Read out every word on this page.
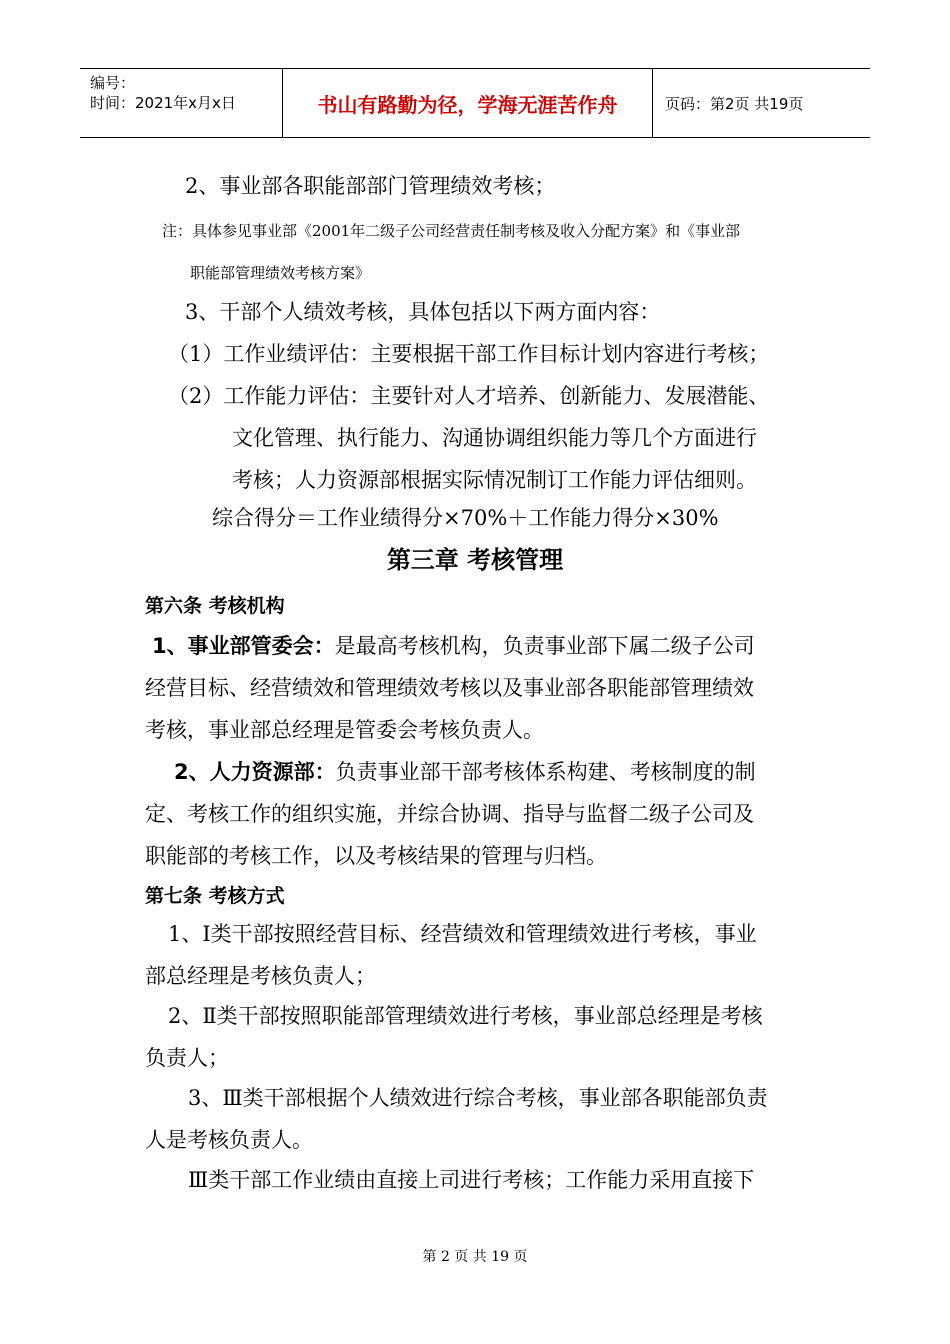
编号：
时间：2021年x月x日	书山有路勤为径，学海无涯苦作舟	页码：第2页 共19页
2、事业部各职能部部门管理绩效考核；
注：具体参见事业部《2001年二级子公司经营责任制考核及收入分配方案》和《事业部
职能部管理绩效考核方案》
3、干部个人绩效考核，具体包括以下两方面内容：
（1）工作业绩评估：主要根据干部工作目标计划内容进行考核；
（2）工作能力评估：主要针对人才培养、创新能力、发展潜能、
文化管理、执行能力、沟通协调组织能力等几个方面进行
考核；人力资源部根据实际情况制订工作能力评估细则。
综合得分＝工作业绩得分×70%＋工作能力得分×30%
第三章 考核管理
第六条 考核机构
1、事业部管委会：是最高考核机构，负责事业部下属二级子公司
经营目标、经营绩效和管理绩效考核以及事业部各职能部管理绩效
考核，事业部总经理是管委会考核负责人。
2、人力资源部：负责事业部干部考核体系构建、考核制度的制
定、考核工作的组织实施，并综合协调、指导与监督二级子公司及
职能部的考核工作，以及考核结果的管理与归档。
第七条 考核方式
1、Ⅰ类干部按照经营目标、经营绩效和管理绩效进行考核，事业
部总经理是考核负责人；
2、Ⅱ类干部按照职能部管理绩效进行考核，事业部总经理是考核
负责人；
3、Ⅲ类干部根据个人绩效进行综合考核，事业部各职能部负责
人是考核负责人。
Ⅲ类干部工作业绩由直接上司进行考核；工作能力采用直接下
第 2 页 共 19 页
